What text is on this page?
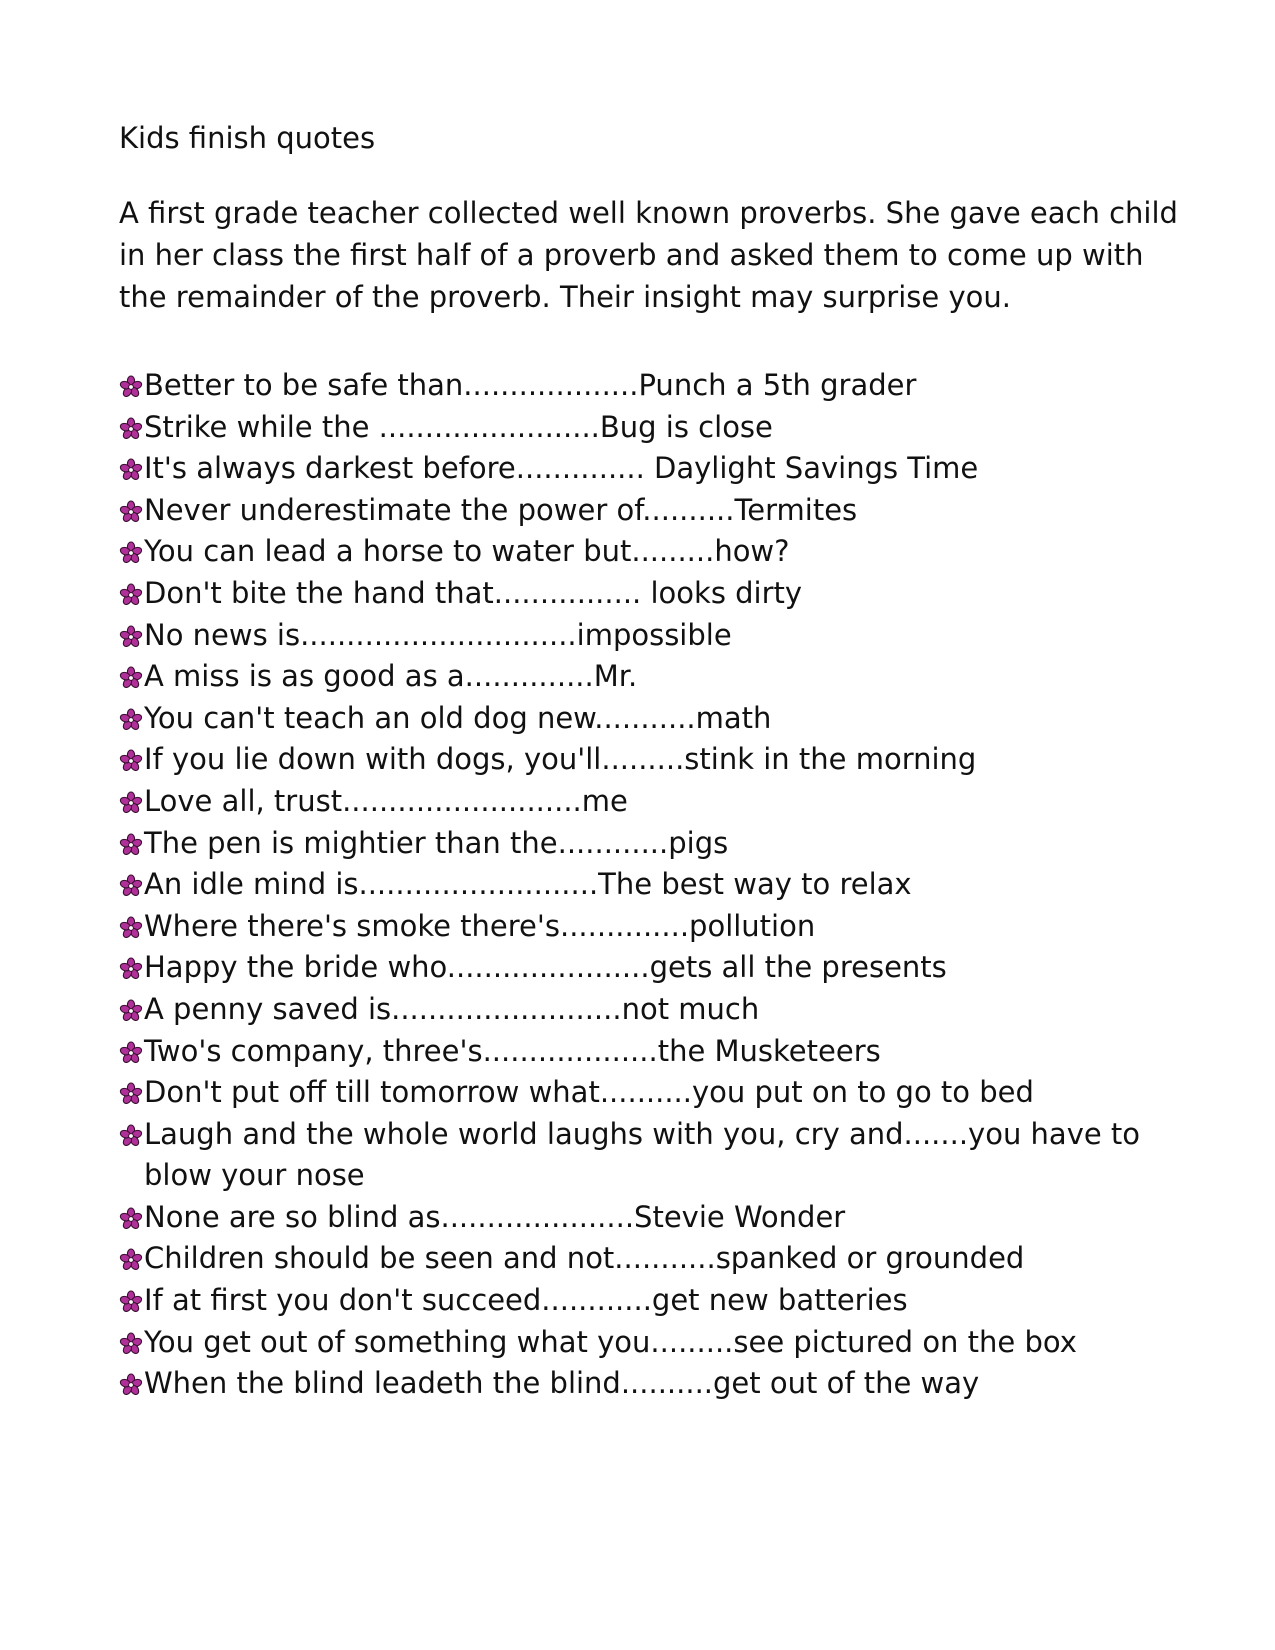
Kids finish quotes
A first grade teacher collected well known proverbs. She gave each child in her class the first half of a proverb and asked them to come up with the remainder of the proverb. Their insight may surprise you.
Better to be safe than...................Punch a 5th grader
Strike while the ........................Bug is close
It's always darkest before.............. Daylight Savings Time
Never underestimate the power of..........Termites
You can lead a horse to water but.........how?
Don't bite the hand that................ looks dirty
No news is..............................impossible
A miss is as good as a..............Mr.
You can't teach an old dog new...........math
If you lie down with dogs, you'll.........stink in the morning
Love all, trust..........................me
The pen is mightier than the............pigs
An idle mind is..........................The best way to relax
Where there's smoke there's..............pollution
Happy the bride who......................gets all the presents
A penny saved is.........................not much
Two's company, three's...................the Musketeers
Don't put off till tomorrow what..........you put on to go to bed
Laugh and the whole world laughs with you, cry and.......you have to blow your nose
None are so blind as.....................Stevie Wonder
Children should be seen and not...........spanked or grounded
If at first you don't succeed............get new batteries
You get out of something what you.........see pictured on the box
When the blind leadeth the blind..........get out of the way
